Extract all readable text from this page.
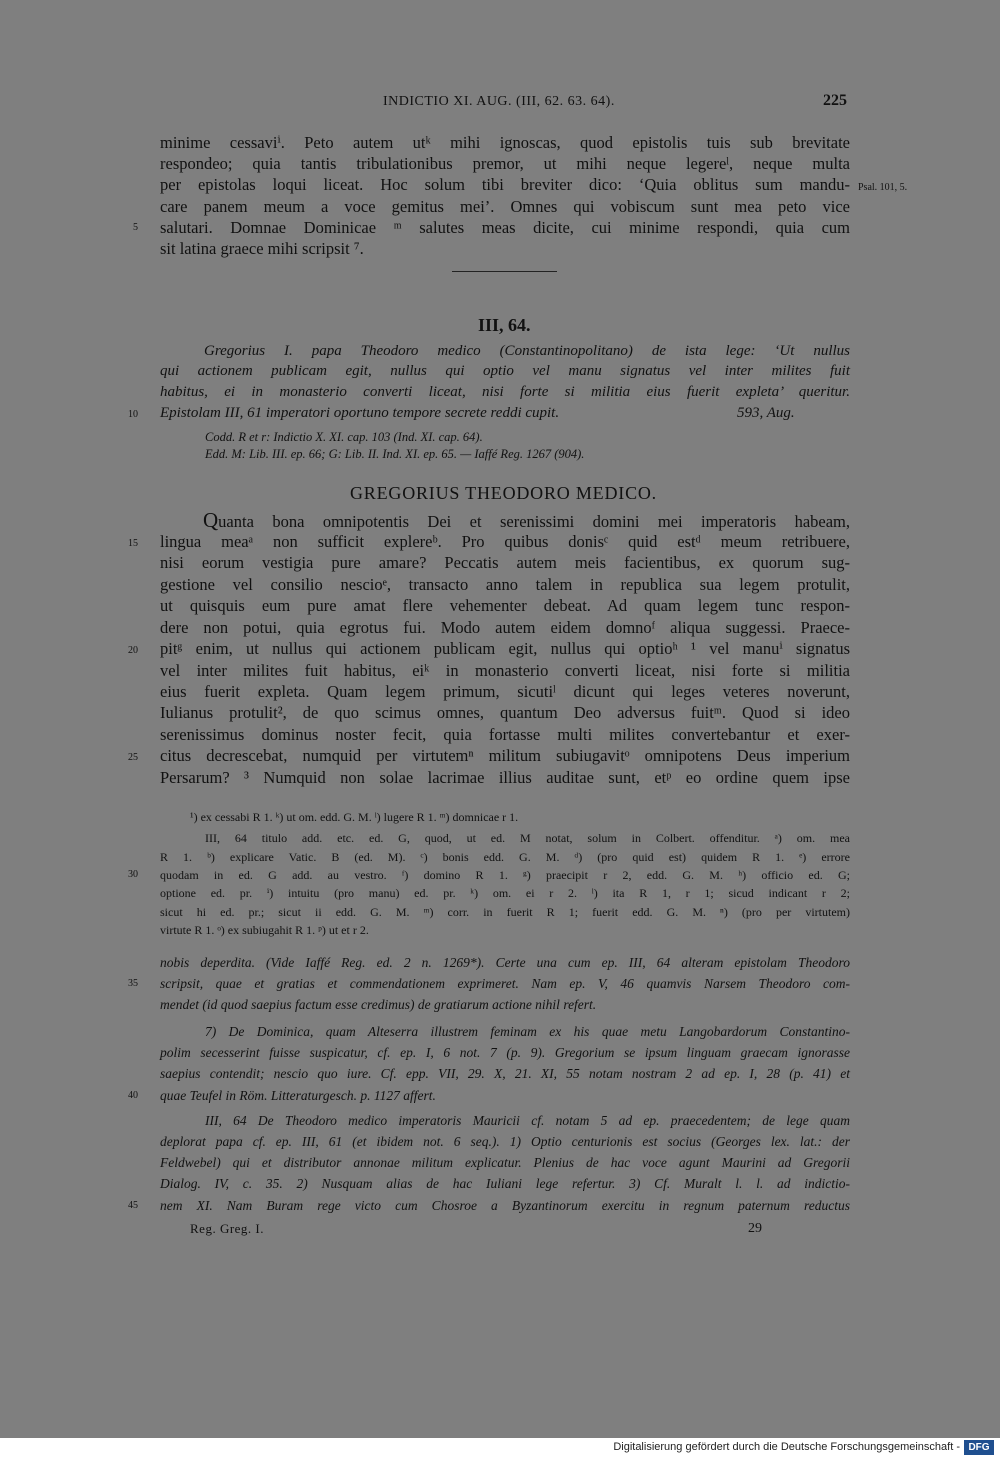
INDICTIO XI. AUG. (III, 62. 63. 64).	225
minime cessaviⁱ. Peto autem utᵏ mihi ignoscas, quod epistolis tuis sub brevitate
respondeo; quia tantis tribulationibus premor, ut mihi neque legereˡ, neque multa
per epistolas loqui liceat. Hoc solum tibi breviter dico: ‘Quia oblitus sum mandu-
care panem meum a voce gemitus mei’. Omnes qui vobiscum sunt mea peto vice
salutari. Domnae Dominicae ᵐ salutes meas dicite, cui minime respondi, quia cum
sit latina graece mihi scripsit ⁷.
5
Psal. 101, 5.
III, 64.
Gregorius I. papa Theodoro medico (Constantinopolitano) de ista lege: ‘Ut nullus
qui actionem publicam egit, nullus qui optio vel manu signatus vel inter milites fuit
habitus, ei in monasterio converti liceat, nisi forte si militia eius fuerit expleta’ queritur.
Epistolam III, 61 imperatori oportuno tempore secrete reddi cupit.	593, Aug.
10
Codd. R et r: Indictio X. XI. cap. 103 (Ind. XI. cap. 64).
Edd. M: Lib. III. ep. 66; G: Lib. II. Ind. XI. ep. 65. — Iaffé Reg. 1267 (904).
GREGORIUS THEODORO MEDICO.
Quanta bona omnipotentis Dei et serenissimi domini mei imperatoris habeam,
lingua meaᵃ non sufficit explereᵇ. Pro quibus donisᶜ quid estᵈ meum retribuere,
nisi eorum vestigia pure amare? Peccatis autem meis facientibus, ex quorum sug-
gestione vel consilio nescioᵉ, transacto anno talem in republica sua legem protulit,
ut quisquis eum pure amat flere vehementer debeat. Ad quam legem tunc respon-
dere non potui, quia egrotus fui. Modo autem eidem domnoᶠ aliqua suggessi. Praece-
pitᵍ enim, ut nullus qui actionem publicam egit, nullus qui optioʰ ¹ vel manuⁱ signatus
vel inter milites fuit habitus, eiᵏ in monasterio converti liceat, nisi forte si militia
eius fuerit expleta. Quam legem primum, sicutiˡ dicunt qui leges veteres noverunt,
Iulianus protulit², de quo scimus omnes, quantum Deo adversus fuitᵐ. Quod si ideo
serenissimus dominus noster fecit, quia fortasse multi milites convertebantur et exer-
citus decrescebat, numquid per virtutemⁿ militum subiugavitᵒ omnipotens Deus imperium
Persarum? ³ Numquid non solae lacrimae illius auditae sunt, etᵖ eo ordine quem ipse
15
20
25
¹) ex cessabi R 1. ᵏ) ut om. edd. G. M. ˡ) lugere R 1. ᵐ) domnicae r 1.
III, 64 titulo add. etc. ed. G, quod, ut ed. M notat, solum in Colbert. offenditur. ᵃ) om. mea
R 1. ᵇ) explicare Vatic. B (ed. M). ᶜ) bonis edd. G. M. ᵈ) (pro quid est) quidem R 1. ᵉ) errore
quodam in ed. G add. au vestro. ᶠ) domino R 1. ᵍ) praecipit r 2, edd. G. M. ʰ) officio ed. G;
optione ed. pr. ⁱ) intuitu (pro manu) ed. pr. ᵏ) om. ei r 2. ˡ) ita R 1, r 1; sicud indicant r 2;
sicut hi ed. pr.; sicut ii edd. G. M. ᵐ) corr. in fuerit R 1; fuerit edd. G. M. ⁿ) (pro per virtutem)
virtute R 1. ᵒ) ex subiugahit R 1. ᵖ) ut et r 2.
30
nobis deperdita. (Vide Iaffé Reg. ed. 2 n. 1269*). Certe una cum ep. III, 64 alteram epistolam Theodoro
scripsit, quae et gratias et commendationem exprimeret. Nam ep. V, 46 quamvis Narsem Theodoro com-
mendet (id quod saepius factum esse credimus) de gratiarum actione nihil refert.
7) De Dominica, quam Alteserra illustrem feminam ex his quae metu Langobardorum Constantino-
polim secesserint fuisse suspicatur, cf. ep. I, 6 not. 7 (p. 9). Gregorium se ipsum linguam graecam ignorasse
saepius contendit; nescio quo iure. Cf. epp. VII, 29. X, 21. XI, 55 notam nostram 2 ad ep. I, 28 (p. 41) et
quae Teufel in Röm. Litteraturgesch. p. 1127 affert.
III, 64 De Theodoro medico imperatoris Mauricii cf. notam 5 ad ep. praecedentem; de lege quam
deplorat papa cf. ep. III, 61 (et ibidem not. 6 seq.). 1) Optio centurionis est socius (Georges lex. lat.: der
Feldwebel) qui et distributor annonae militum explicatur. Plenius de hac voce agunt Maurini ad Gregorii
Dialog. IV, c. 35. 2) Nusquam alias de hac Iuliani lege refertur. 3) Cf. Muralt l. l. ad indictio-
nem XI. Nam Buram rege victo cum Chosroe a Byzantinorum exercitu in regnum paternum reductus
35
40
45
Reg. Greg. I.	29
Digitalisierung gefördert durch die Deutsche Forschungsgemeinschaft - DFG
